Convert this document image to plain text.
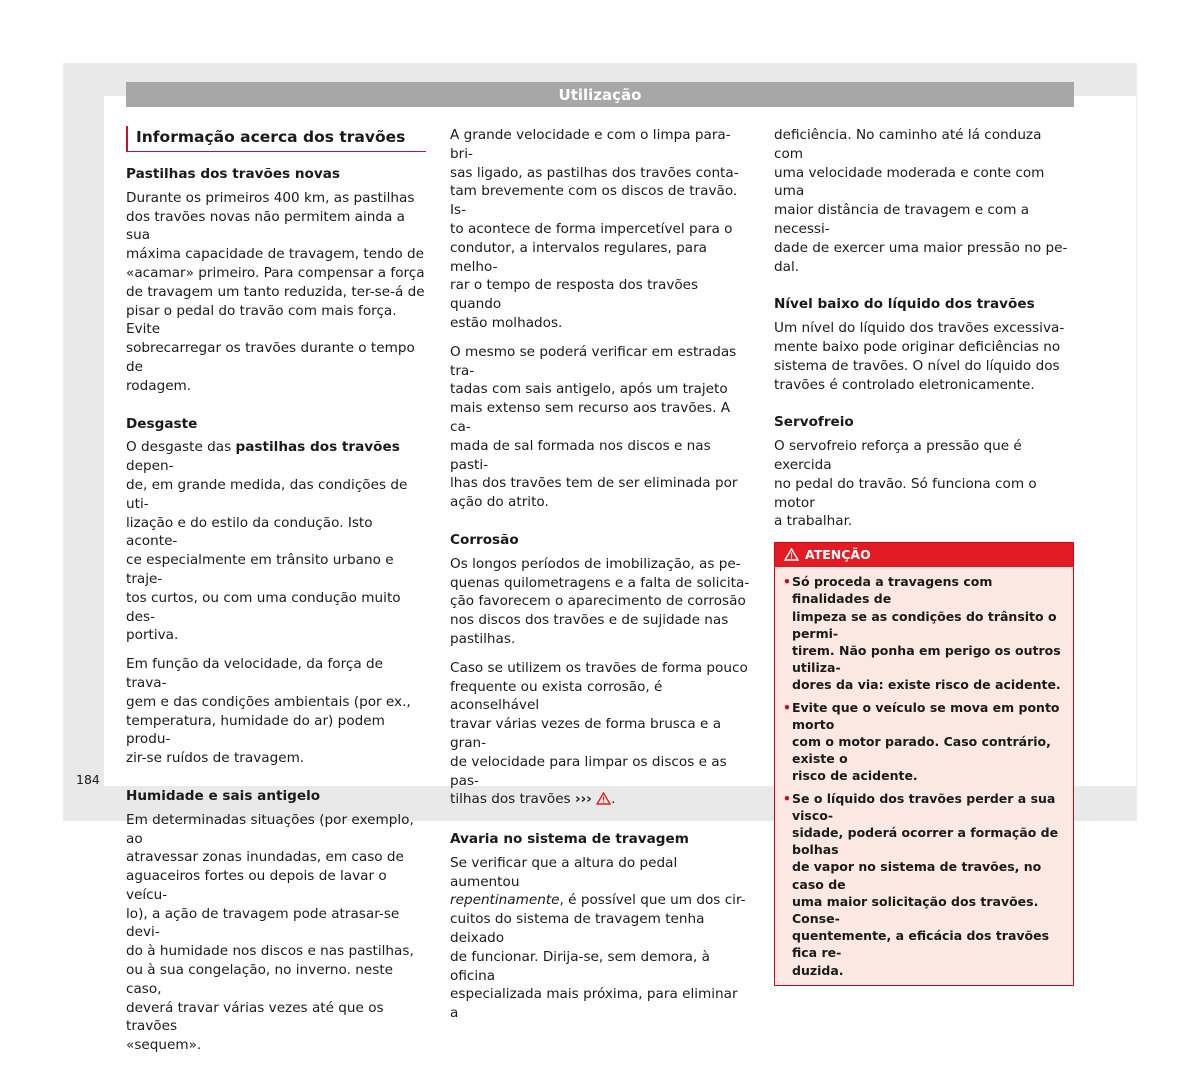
Utilização
Informação acerca dos travões
Pastilhas dos travões novas

Durante os primeiros 400 km, as pastilhas
dos travões novas não permitem ainda a sua
máxima capacidade de travagem, tendo de
«acamar» primeiro. Para compensar a força
de travagem um tanto reduzida, ter-se-á de
pisar o pedal do travão com mais força. Evite
sobrecarregar os travões durante o tempo de
rodagem.

Desgaste

O desgaste das pastilhas dos travões depen-
de, em grande medida, das condições de uti-
lização e do estilo da condução. Isto aconte-
ce especialmente em trânsito urbano e traje-
tos curtos, ou com uma condução muito des-
portiva.

Em função da velocidade, da força de trava-
gem e das condições ambientais (por ex.,
temperatura, humidade do ar) podem produ-
zir-se ruídos de travagem.

Humidade e sais antigelo

Em determinadas situações (por exemplo, ao
atravessar zonas inundadas, em caso de
aguaceiros fortes ou depois de lavar o veícu-
lo), a ação de travagem pode atrasar-se devi-
do à humidade nos discos e nas pastilhas,
ou à sua congelação, no inverno. neste caso,
deverá travar várias vezes até que os travões
«sequem».

A grande velocidade e com o limpa para-bri-
sas ligado, as pastilhas dos travões conta-
tam brevemente com os discos de travão. Is-
to acontece de forma impercetível para o
condutor, a intervalos regulares, para melho-
rar o tempo de resposta dos travões quando
estão molhados.

O mesmo se poderá verificar em estradas tra-
tadas com sais antigelo, após um trajeto
mais extenso sem recurso aos travões. A ca-
mada de sal formada nos discos e nas pasti-
lhas dos travões tem de ser eliminada por
ação do atrito.

Corrosão

Os longos períodos de imobilização, as pe-
quenas quilometragens e a falta de solicita-
ção favorecem o aparecimento de corrosão
nos discos dos travões e de sujidade nas
pastilhas.

Caso se utilizem os travões de forma pouco
frequente ou exista corrosão, é aconselhável
travar várias vezes de forma brusca e a gran-
de velocidade para limpar os discos e as pas-
tilhas dos travões ››› .

Avaria no sistema de travagem

Se verificar que a altura do pedal aumentou
repentinamente, é possível que um dos cir-
cuitos do sistema de travagem tenha deixado
de funcionar. Dirija-se, sem demora, à oficina
especializada mais próxima, para eliminar a

deficiência. No caminho até lá conduza com
uma velocidade moderada e conte com uma
maior distância de travagem e com a necessi-
dade de exercer uma maior pressão no pe-
dal.

Nível baixo do líquido dos travões

Um nível do líquido dos travões excessiva-
mente baixo pode originar deficiências no
sistema de travões. O nível do líquido dos
travões é controlado eletronicamente.

Servofreio

O servofreio reforça a pressão que é exercida
no pedal do travão. Só funciona com o motor
a trabalhar.

ATENÇÃO
• Só proceda a travagens com finalidades de
limpeza se as condições do trânsito o permi-
tirem. Não ponha em perigo os outros utiliza-
dores da via: existe risco de acidente.
• Evite que o veículo se mova em ponto morto
com o motor parado. Caso contrário, existe o
risco de acidente.
• Se o líquido dos travões perder a sua visco-
sidade, poderá ocorrer a formação de bolhas
de vapor no sistema de travões, no caso de
uma maior solicitação dos travões. Conse-
quentemente, a eficácia dos travões fica re-
duzida.
184
